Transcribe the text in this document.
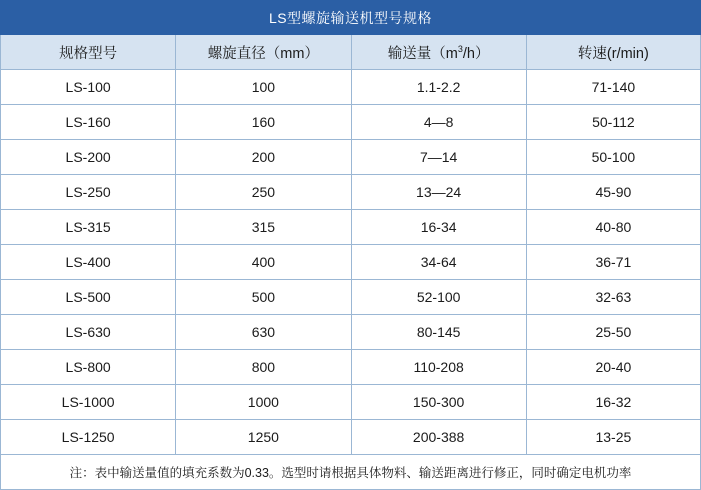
LS型螺旋输送机型号规格			
规格型号	螺旋直径（mm）	输送量$(m^3/h)$	转速(r/min)
LS-100	100	1.1-2.2	71-140
LS-160	160	4—8	50-112
LS-200	200	7—14	50-100
LS-250	250	13—24	45-90
LS-315	315	16-34	40-80
LS-400	400	34-64	36-71
LS-500	500	52-100	32-63
LS-630	630	80-145	25-50
LS-800	800	110-208	20-40
LS-1000	1000	150-300	16-32
LS-1250	1250	200-388	13-25
注：表中输送量值的填充系数为0.33。选型时请根据具体物料、输送距离进行修正，同时确定电机功率			
